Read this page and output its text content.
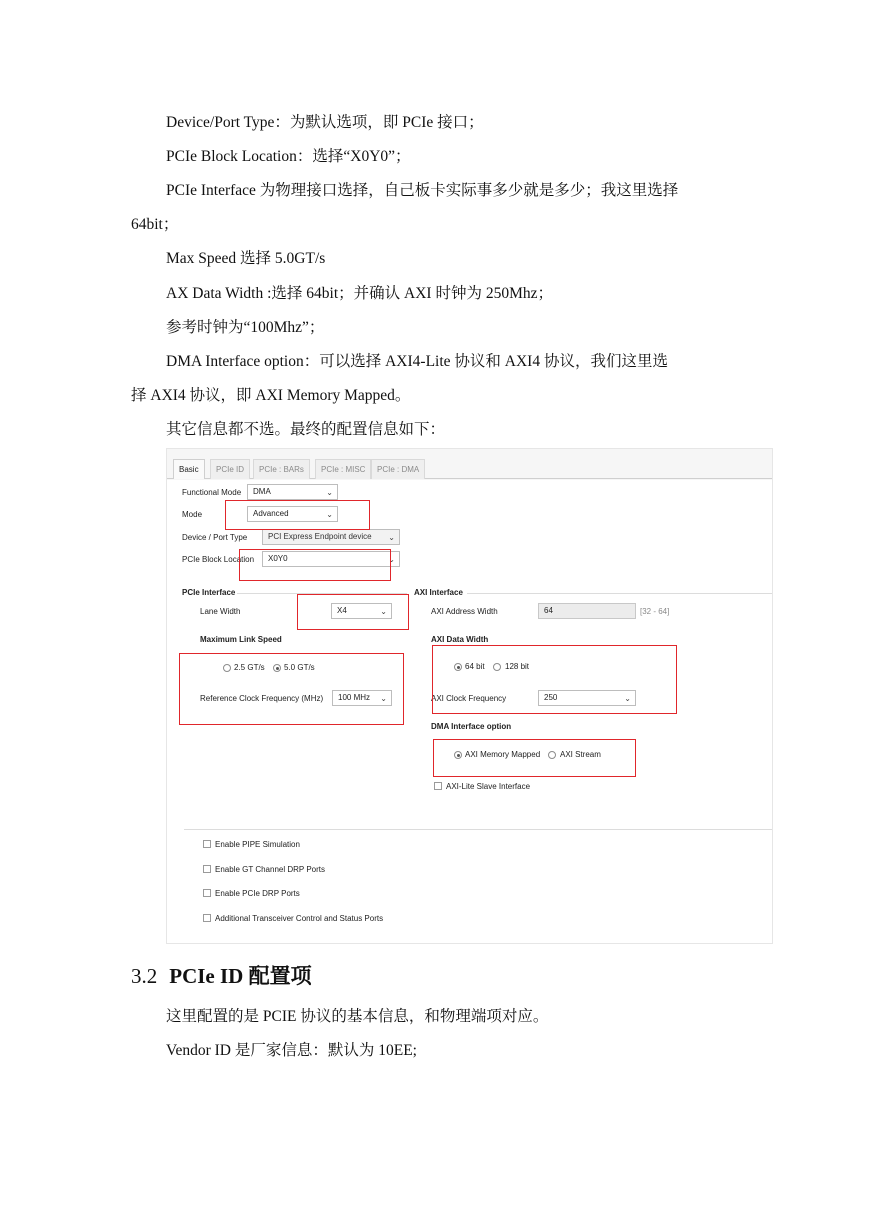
Device/Port Type：为默认选项，即 PCIe 接口；
PCIe Block Location：选择“X0Y0”；
PCIe Interface 为物理接口选择，自己板卡实际事多少就是多少；我这里选择
64bit；
Max Speed 选择 5.0GT/s
AX Data Width :选择 64bit；并确认 AXI 时钟为 250Mhz；
参考时钟为“100Mhz”；
DMA Interface option：可以选择 AXI4-Lite 协议和 AXI4 协议，我们这里选
择 AXI4 协议，即 AXI Memory Mapped。
其它信息都不选。最终的配置信息如下：
Basic	PCIe ID	PCIe : BARs	PCIe : MISC	PCIe : DMA
Functional Mode	DMA	⌄
Mode	Advanced	⌄
Device / Port Type	PCI Express Endpoint device ⌄
PCIe Block Location	X0Y0	⌄
PCIe Interface
Lane Width	X4	⌄
Maximum Link Speed
2.5 GT/s 5.0 GT/s
Reference Clock Frequency (MHz)	100 MHz ⌄
AXI Interface
AXI Address Width	64	[32 - 64]
AXI Data Width
64 bit	128 bit
AXI Clock Frequency	250	⌄
DMA Interface option
AXI Memory Mapped AXI Stream
AXI-Lite Slave Interface
Enable PIPE Simulation
Enable GT Channel DRP Ports
Enable PCIe DRP Ports
Additional Transceiver Control and Status Ports
3.2 PCIe ID 配置项
这里配置的是 PCIE 协议的基本信息，和物理端项对应。
Vendor ID 是厂家信息：默认为 10EE;
